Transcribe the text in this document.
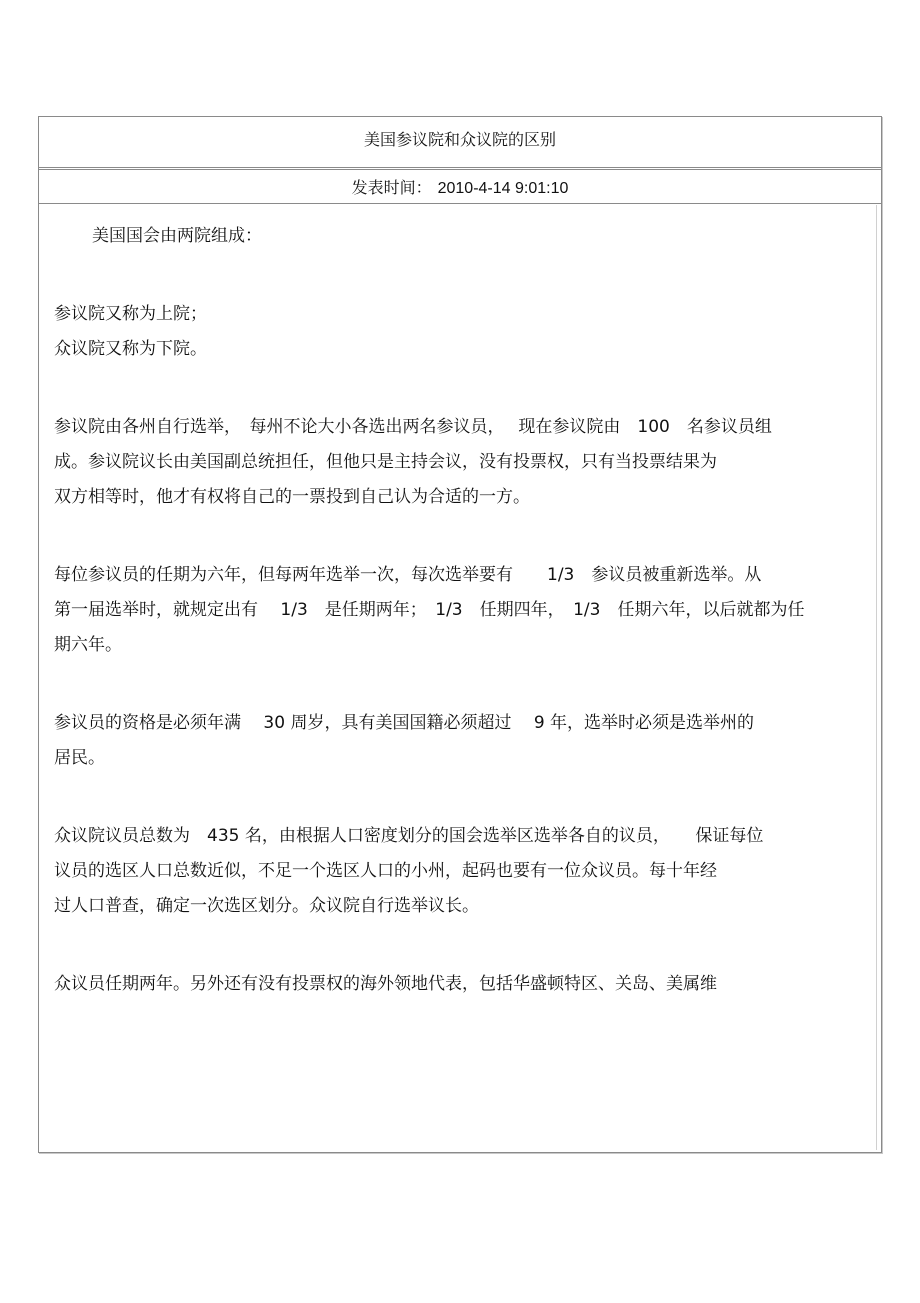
美国参议院和众议院的区别
发表时间： 2010-4-14 9:01:10

美国国会由两院组成：

参议院又称为上院；

众议院又称为下院。

参议院由各州自行选举，　每州不论大小各选出两名参议员，　 现在参议院由　100　名参议员组

成。参议院议长由美国副总统担任，但他只是主持会议，没有投票权，只有当投票结果为

双方相等时，他才有权将自己的一票投到自己认为合适的一方。

每位参议员的任期为六年，但每两年选举一次，每次选举要有　　1/3　参议员被重新选举。从

第一届选举时，就规定出有　 1/3　是任期两年；　1/3　任期四年，　1/3　任期六年，以后就都为任

期六年。

参议员的资格是必须年满　 30 周岁，具有美国国籍必须超过　 9 年，选举时必须是选举州的

居民。

众议院议员总数为　435 名，由根据人口密度划分的国会选举区选举各自的议员，　　保证每位

议员的选区人口总数近似，不足一个选区人口的小州，起码也要有一位众议员。每十年经

过人口普查，确定一次选区划分。众议院自行选举议长。

众议员任期两年。另外还有没有投票权的海外领地代表，包括华盛顿特区、关岛、美属维
